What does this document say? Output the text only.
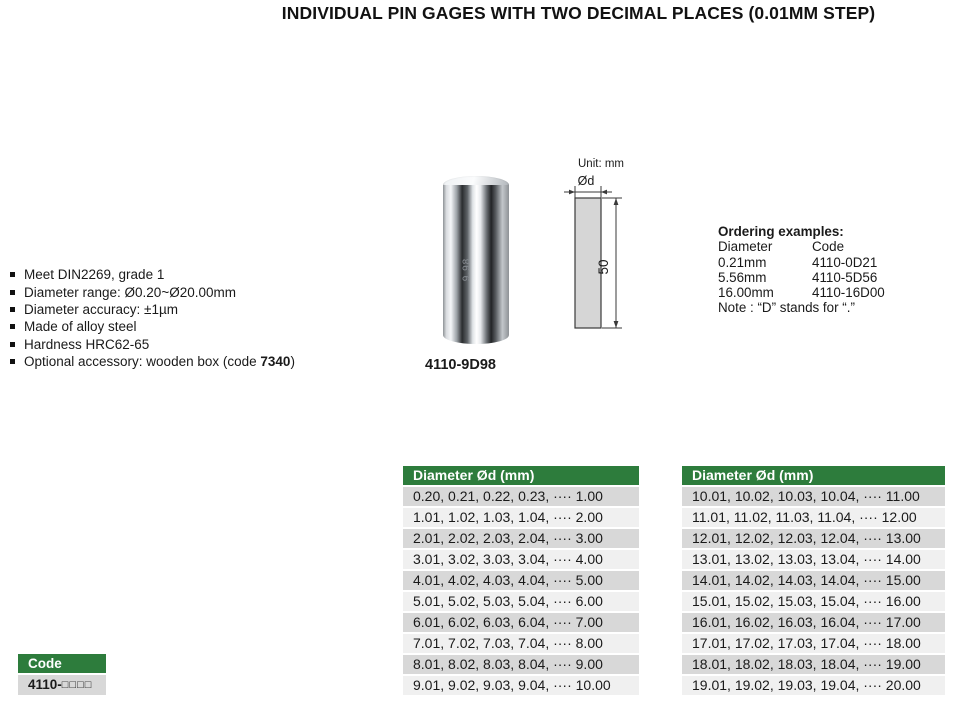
INDIVIDUAL PIN GAGES WITH TWO DECIMAL PLACES (0.01MM STEP)
Meet DIN2269, grade 1
Diameter range: Ø0.20~Ø20.00mm
Diameter accuracy: ±1µm
Made of alloy steel
Hardness HRC62-65
Optional accessory: wooden box (code 7340)
9.98
4110-9D98
Unit: mm
Ød
50
Ordering examples:
Diameter	Code
0.21mm	4110-0D21
5.56mm	4110-5D56
16.00mm	4110-16D00
Note : “D” stands for “.”
Diameter Ød (mm)
0.20, 0.21, 0.22, 0.23, ···· 1.00
1.01, 1.02, 1.03, 1.04, ···· 2.00
2.01, 2.02, 2.03, 2.04, ···· 3.00
3.01, 3.02, 3.03, 3.04, ···· 4.00
4.01, 4.02, 4.03, 4.04, ···· 5.00
5.01, 5.02, 5.03, 5.04, ···· 6.00
6.01, 6.02, 6.03, 6.04, ···· 7.00
7.01, 7.02, 7.03, 7.04, ···· 8.00
8.01, 8.02, 8.03, 8.04, ···· 9.00
9.01, 9.02, 9.03, 9.04, ···· 10.00
Diameter Ød (mm)
10.01, 10.02, 10.03, 10.04, ···· 11.00
11.01, 11.02, 11.03, 11.04, ···· 12.00
12.01, 12.02, 12.03, 12.04, ···· 13.00
13.01, 13.02, 13.03, 13.04, ···· 14.00
14.01, 14.02, 14.03, 14.04, ···· 15.00
15.01, 15.02, 15.03, 15.04, ···· 16.00
16.01, 16.02, 16.03, 16.04, ···· 17.00
17.01, 17.02, 17.03, 17.04, ···· 18.00
18.01, 18.02, 18.03, 18.04, ···· 19.00
19.01, 19.02, 19.03, 19.04, ···· 20.00
Code
4110-□□□□
